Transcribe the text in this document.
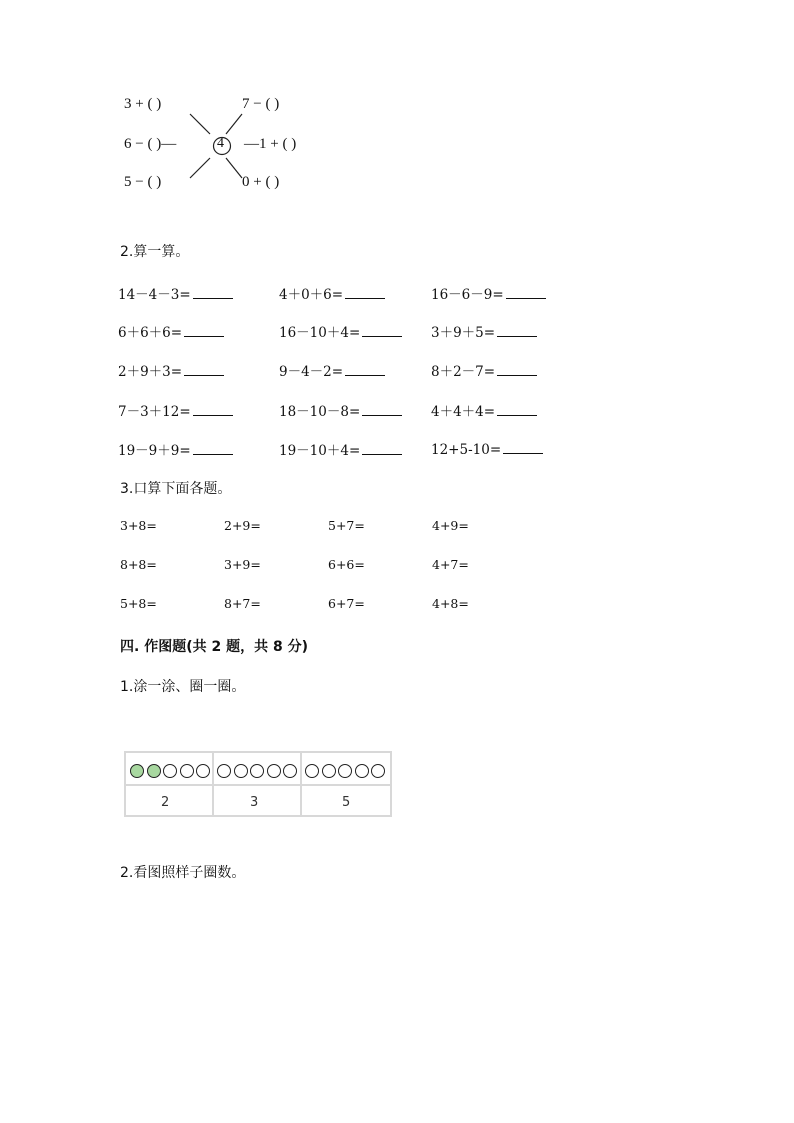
3 + ( )	7 − ( )
6 − ( )—	—1 + ( )
5 − ( )	0 + ( )
4
2.算一算。
14－4－3=	4＋0＋6=	16－6－9=
6＋6＋6=	16－10＋4=	3＋9＋5=
2＋9＋3=	9－4－2=	8＋2－7=
7－3＋12=	18－10－8=	4＋4＋4=
19－9＋9=	19－10＋4=	12+5-10=
3.口算下面各题。
3+8=	2+9=	5+7=	4+9=
8+8=	3+9=	6+6=	4+7=
5+8=	8+7=	6+7=	4+8=
四. 作图题(共 2 题，共 8 分)
1.涂一涂、圈一圈。
2	3	5
2.看图照样子圈数。
